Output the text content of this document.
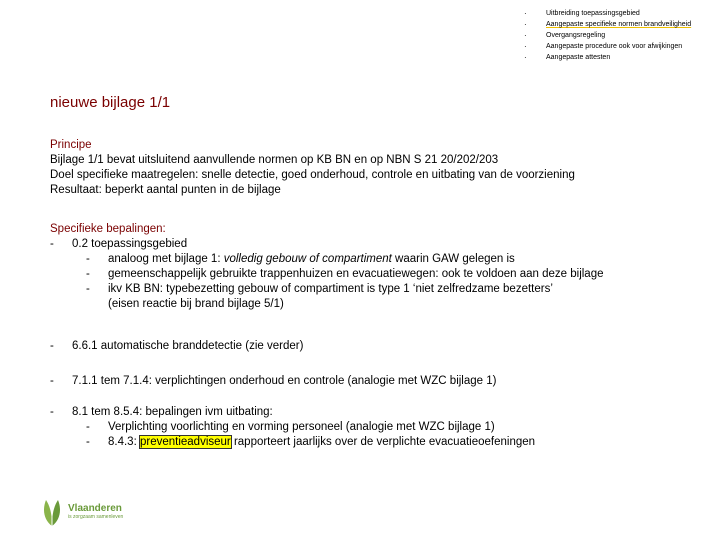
· Uitbreiding toepassingsgebied
· Aangepaste specifieke normen brandveiligheid
· Overgangsregeling
· Aangepaste procedure ook voor afwijkingen
· Aangepaste attesten
nieuwe bijlage 1/1
Principe
Bijlage 1/1 bevat uitsluitend aanvullende normen op KB BN en op NBN S 21 20/202/203
Doel specifieke maatregelen: snelle detectie, goed onderhoud, controle en uitbating van de voorziening
Resultaat: beperkt aantal punten in de bijlage
Specifieke bepalingen:
-	0.2 toepassingsgebied
-	analoog met bijlage 1: volledig gebouw of compartiment waarin GAW gelegen is
-	gemeenschappelijk gebruikte trappenhuizen en evacuatiewegen: ook te voldoen aan deze bijlage
-	ikv KB BN: typebezetting gebouw of compartiment is type 1 ‘niet zelfredzame bezetters’
(eisen reactie bij brand bijlage 5/1)
-	6.6.1 automatische branddetectie (zie verder)
-	7.1.1 tem 7.1.4: verplichtingen onderhoud en controle (analogie met WZC bijlage 1)
-	8.1 tem 8.5.4: bepalingen ivm uitbating:
-	Verplichting voorlichting en vorming personeel (analogie met WZC bijlage 1)
-	8.4.3: preventieadviseur rapporteert jaarlijks over de verplichte evacuatieoefeningen
Vlaanderen
is zorgzaam samenleven
